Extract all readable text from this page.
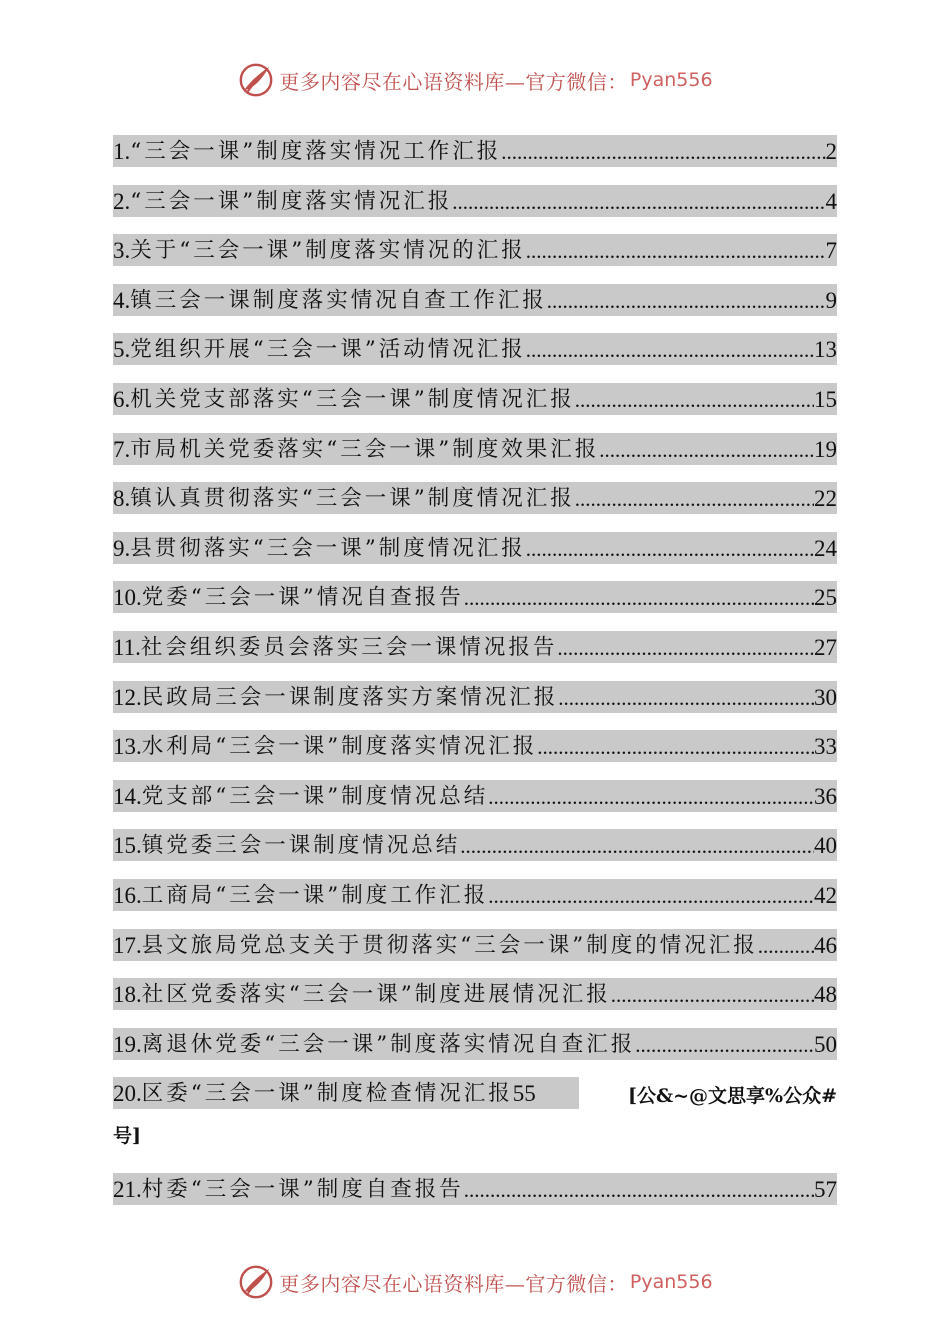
更多内容尽在心语资料库—官方微信： Pyan556
1. “三会一课”制度落实情况工作汇报 .....	2
2. “三会一课”制度落实情况汇报 .....	4
3. 关于“三会一课”制度落实情况的汇报 .....	7
4. 镇三会一课制度落实情况自查工作汇报 .....	9
5. 党组织开展“三会一课”活动情况汇报 .....	13
6. 机关党支部落实“三会一课”制度情况汇报 .....	15
7. 市局机关党委落实“三会一课”制度效果汇报 .....	19
8. 镇认真贯彻落实“三会一课”制度情况汇报 .....	22
9. 县贯彻落实“三会一课”制度情况汇报 .....	24
10. 党委“三会一课”情况自查报告 .....	25
11. 社会组织委员会落实三会一课情况报告 .....	27
12. 民政局三会一课制度落实方案情况汇报 .....	30
13. 水利局“三会一课”制度落实情况汇报 .....	33
14. 党支部“三会一课”制度情况总结 .....	36
15. 镇党委三会一课制度情况总结 .....	40
16. 工商局“三会一课”制度工作汇报 .....	42
17. 县文旅局党总支关于贯彻落实“三会一课”制度的情况汇报 ..... 46
18. 社区党委落实“三会一课”制度进展情况汇报 .....	48
19. 离退休党委“三会一课”制度落实情况自查汇报 .....	50
20. 区委“三会一课”制度检查情况汇报 55	[公&~@文思享%公众#
号]
21. 村委“三会一课”制度自查报告 .....	57
更多内容尽在心语资料库—官方微信： Pyan556
